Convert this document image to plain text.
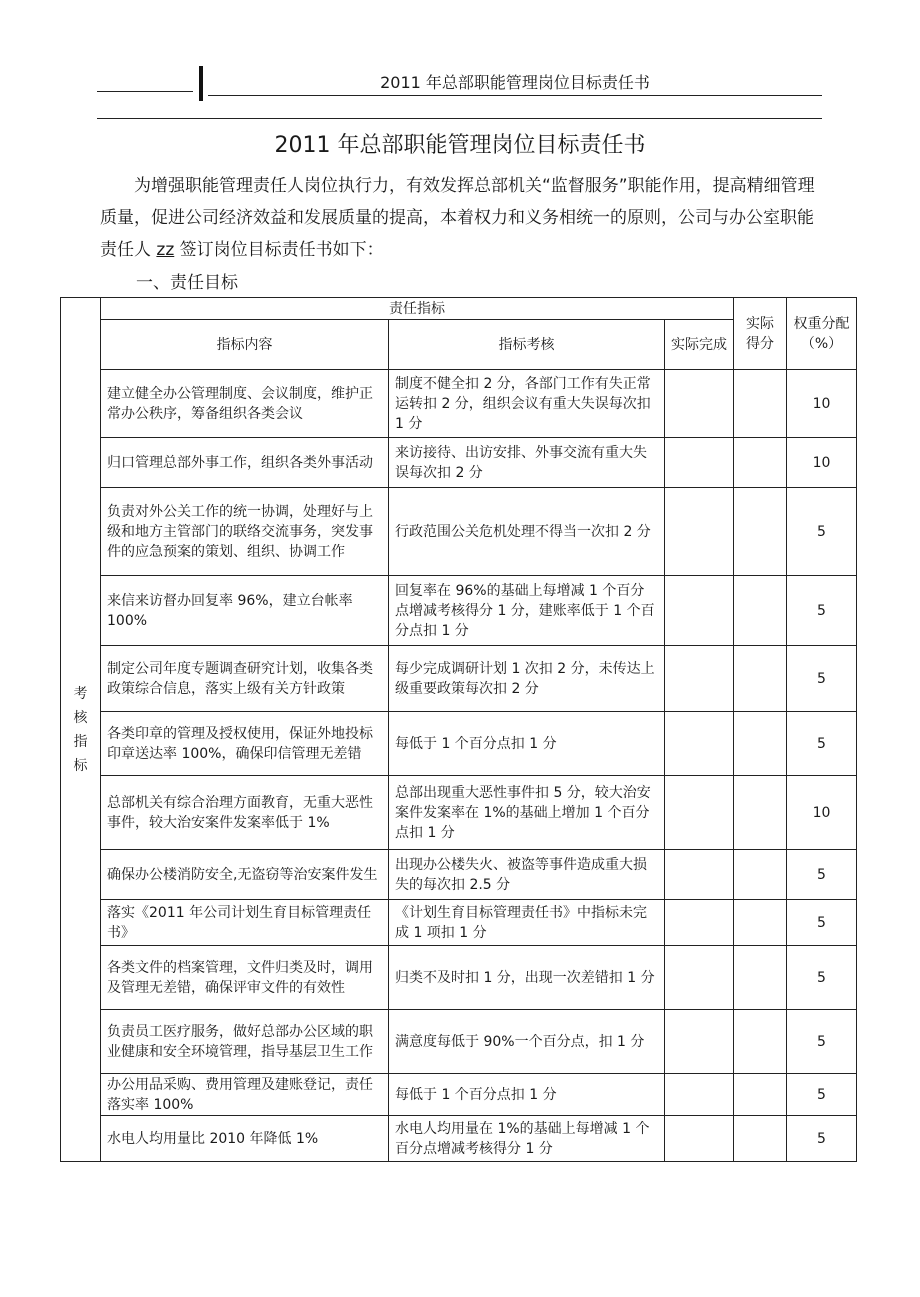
2011 年总部职能管理岗位目标责任书
2011 年总部职能管理岗位目标责任书
为增强职能管理责任人岗位执行力，有效发挥总部机关“监督服务”职能作用，提高精细管理质量，促进公司经济效益和发展质量的提高，本着权力和义务相统一的原则，公司与办公室职能责任人 zz 签订岗位目标责任书如下：
一、责任目标
考
核
指
标	责任指标			实际得分	权重分配（%）
	指标内容	指标考核	实际完成		
	建立健全办公管理制度、会议制度，维护正常办公秩序，筹备组织各类会议	制度不健全扣 2 分，各部门工作有失正常运转扣 2 分，组织会议有重大失误每次扣 1 分			10
	归口管理总部外事工作，组织各类外事活动	来访接待、出访安排、外事交流有重大失误每次扣 2 分			10
	负责对外公关工作的统一协调，处理好与上级和地方主管部门的联络交流事务，突发事件的应急预案的策划、组织、协调工作	行政范围公关危机处理不得当一次扣 2 分			5
	来信来访督办回复率 96%，建立台帐率 100%	回复率在 96%的基础上每增减 1 个百分点增减考核得分 1 分，建账率低于 1 个百分点扣 1 分			5
	制定公司年度专题调查研究计划，收集各类政策综合信息，落实上级有关方针政策	每少完成调研计划 1 次扣 2 分，未传达上级重要政策每次扣 2 分			5
	各类印章的管理及授权使用，保证外地投标印章送达率 100%，确保印信管理无差错	每低于 1 个百分点扣 1 分			5
	总部机关有综合治理方面教育，无重大恶性事件，较大治安案件发案率低于 1%	总部出现重大恶性事件扣 5 分，较大治安案件发案率在 1%的基础上增加 1 个百分点扣 1 分			10
	确保办公楼消防安全,无盗窃等治安案件发生	出现办公楼失火、被盗等事件造成重大损失的每次扣 2.5 分			5
	落实《2011 年公司计划生育目标管理责任书》	《计划生育目标管理责任书》中指标未完成 1 项扣 1 分			5
	各类文件的档案管理，文件归类及时，调用及管理无差错，确保评审文件的有效性	归类不及时扣 1 分，出现一次差错扣 1 分			5
	负责员工医疗服务，做好总部办公区域的职业健康和安全环境管理，指导基层卫生工作	满意度每低于 90%一个百分点，扣 1 分			5
	办公用品采购、费用管理及建账登记，责任落实率 100%	每低于 1 个百分点扣 1 分			5
	水电人均用量比 2010 年降低 1%	水电人均用量在 1%的基础上每增减 1 个百分点增减考核得分 1 分			5
